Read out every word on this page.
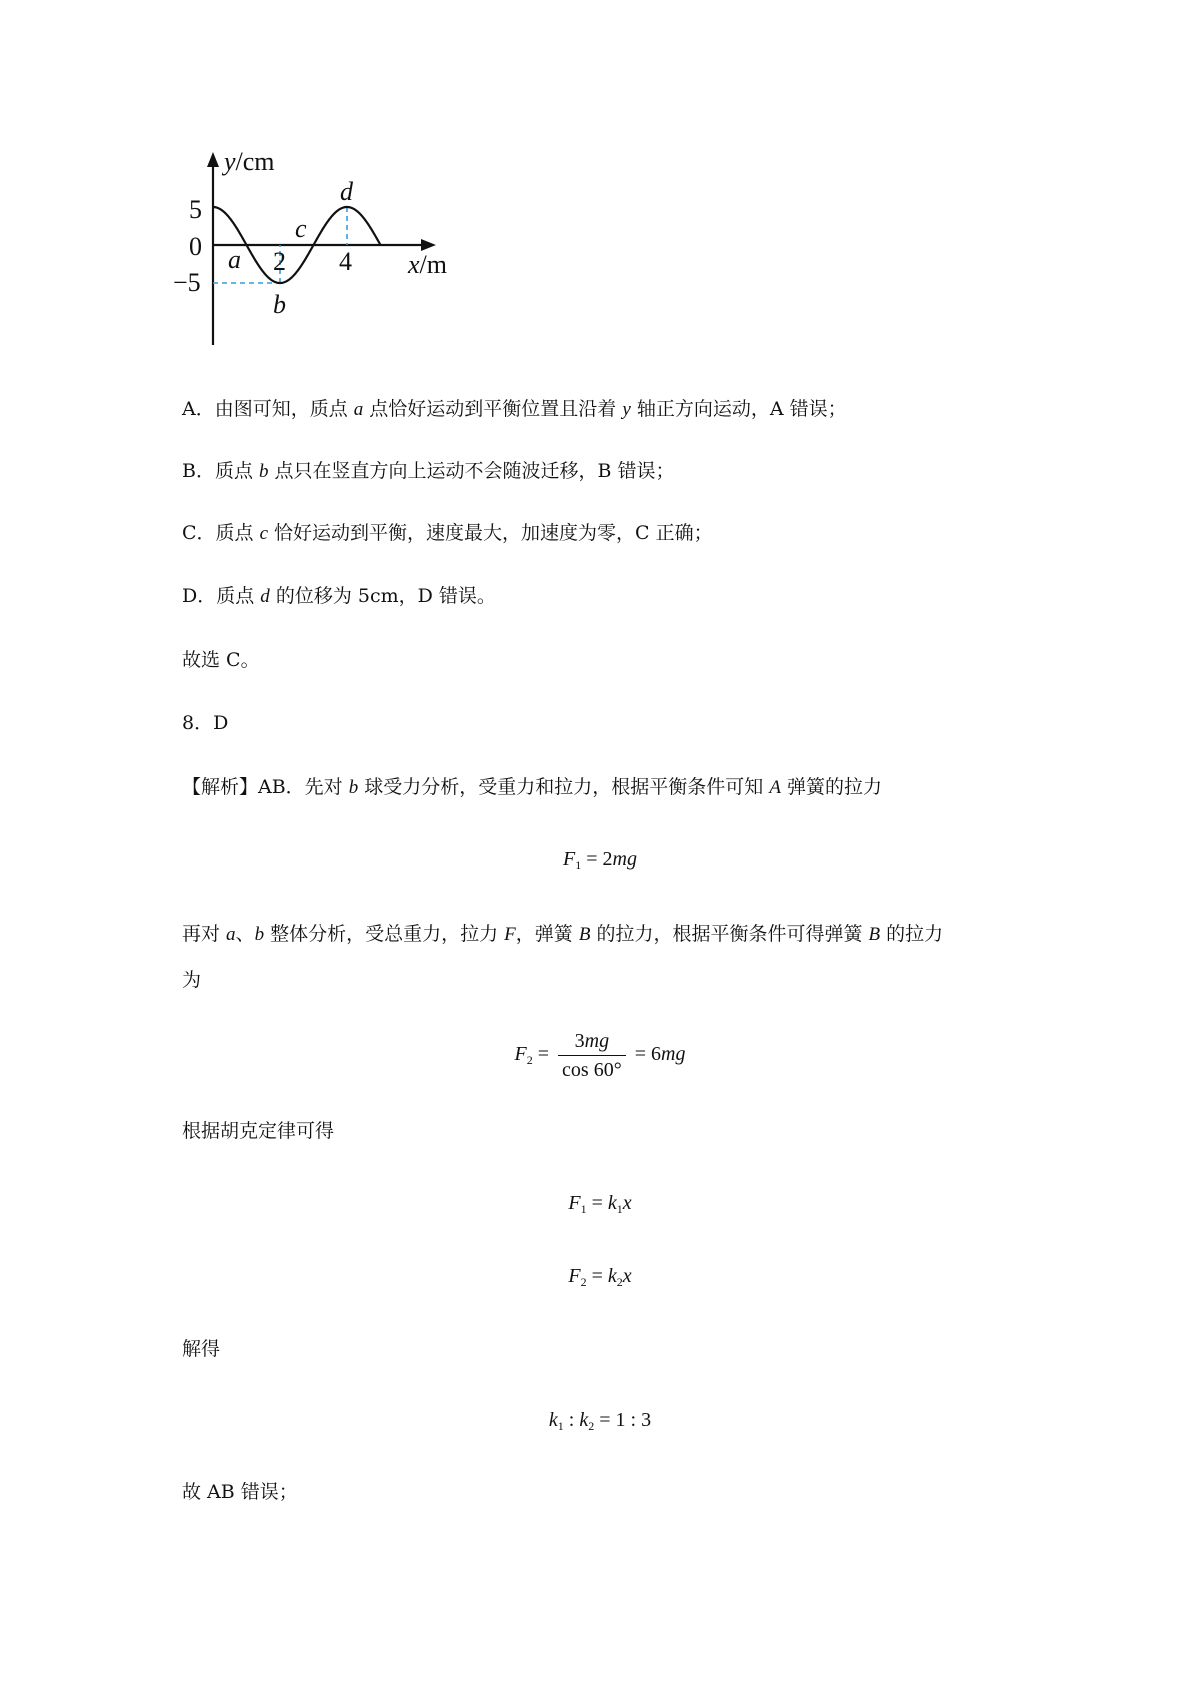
y/cm
5
0
−5
2 4 x/m
a
b
c
d
A．由图可知，质点 a 点恰好运动到平衡位置且沿着 y 轴正方向运动，A 错误；
B．质点 b 点只在竖直方向上运动不会随波迁移，B 错误；
C．质点 c 恰好运动到平衡，速度最大，加速度为零，C 正确；
D．质点 d 的位移为 5cm，D 错误。
故选 C。
8．D
【解析】AB．先对 b 球受力分析，受重力和拉力，根据平衡条件可知 A 弹簧的拉力
$F_1 = 2mg$
再对 a、b 整体分析，受总重力，拉力 F，弹簧 B 的拉力，根据平衡条件可得弹簧 B 的拉力
为
$F_2 = \frac{3mg}{\cos 60^\circ} = 6mg$
根据胡克定律可得
$F_1 = k_1x$
$F_2 = k_2x$
解得
$k_1$ : $k_2 = 1$ : 3
故 AB 错误；
